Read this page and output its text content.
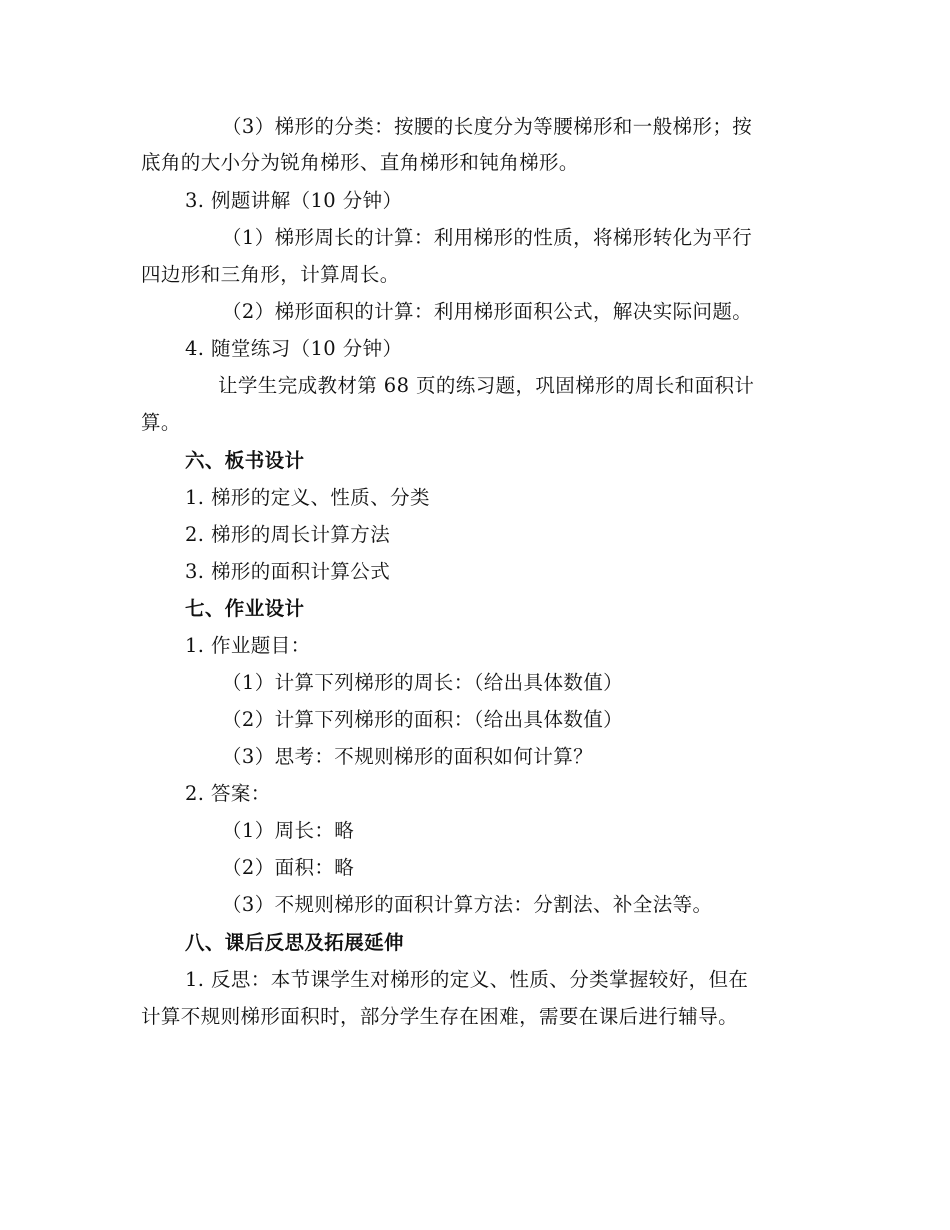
（3）梯形的分类：按腰的长度分为等腰梯形和一般梯形；按
底角的大小分为锐角梯形、直角梯形和钝角梯形。
3. 例题讲解（10 分钟）
（1）梯形周长的计算：利用梯形的性质，将梯形转化为平行
四边形和三角形，计算周长。
（2）梯形面积的计算：利用梯形面积公式，解决实际问题。
4. 随堂练习（10 分钟）
让学生完成教材第 68 页的练习题，巩固梯形的周长和面积计
算。
六、板书设计
1. 梯形的定义、性质、分类
2. 梯形的周长计算方法
3. 梯形的面积计算公式
七、作业设计
1. 作业题目：
（1）计算下列梯形的周长：（给出具体数值）
（2）计算下列梯形的面积：（给出具体数值）
（3）思考：不规则梯形的面积如何计算？
2. 答案：
（1）周长：略
（2）面积：略
（3）不规则梯形的面积计算方法：分割法、补全法等。
八、课后反思及拓展延伸
1. 反思：本节课学生对梯形的定义、性质、分类掌握较好，但在
计算不规则梯形面积时，部分学生存在困难，需要在课后进行辅导。
